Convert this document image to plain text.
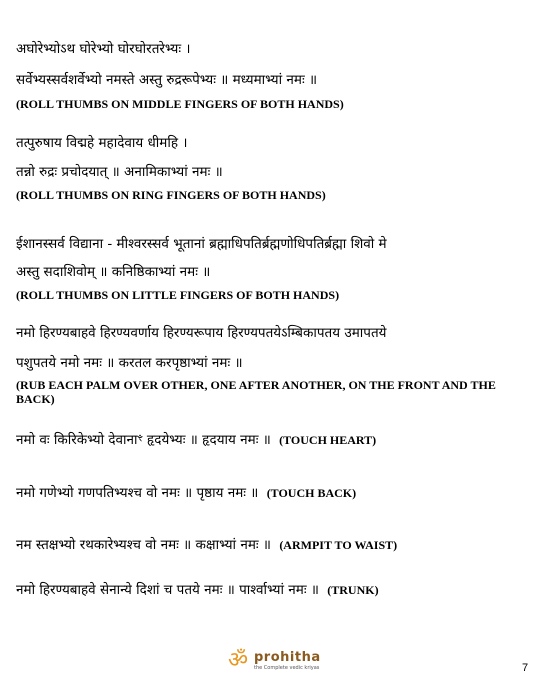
अघोरेभ्योऽथ घोरेभ्यो घोरघोरतरेभ्यः ।
सर्वेभ्यस्सर्वशर्वेभ्यो नमस्ते अस्तु रुद्ररूपेभ्यः ॥ मध्यमाभ्यां नमः ॥
(ROLL THUMBS ON MIDDLE FINGERS OF BOTH HANDS)
तत्पुरुषाय विद्महे महादेवाय धीमहि ।
तन्नो रुद्रः प्रचोदयात् ॥ अनामिकाभ्यां नमः ॥
(ROLL THUMBS ON RING FINGERS OF BOTH HANDS)
ईशानस्सर्व विद्याना - मीश्वरस्सर्व भूतानां ब्रह्माधिपतिर्ब्रह्मणोधिपतिर्ब्रह्मा शिवो मे
अस्तु सदाशिवोम् ॥ कनिष्ठिकाभ्यां नमः ॥
(ROLL THUMBS ON LITTLE FINGERS OF BOTH HANDS)
नमो हिरण्यबाहवे हिरण्यवर्णाय हिरण्यरूपाय हिरण्यपतयेऽम्बिकापतय उमापतये
पशुपतये नमो नमः ॥ करतल करपृष्ठाभ्यां नमः ॥
(RUB EACH PALM OVER OTHER, ONE AFTER ANOTHER, ON THE FRONT AND THE BACK)
नमो वः किरिकेभ्यो देवानाꣳ हृदयेभ्यः ॥ हृदयाय नमः ॥ (TOUCH HEART)
नमो गणेभ्यो गणपतिभ्यश्च वो नमः ॥ पृष्ठाय नमः ॥ (TOUCH BACK)
नम स्तक्षभ्यो रथकारेभ्यश्च वो नमः ॥ कक्षाभ्यां नमः ॥ (ARMPIT TO WAIST)
नमो हिरण्यबाहवे सेनान्ये दिशां च पतये नमः ॥ पार्श्वाभ्यां नमः ॥ (TRUNK)
ॐ prohitha
the Complete vedic kriyas	7
